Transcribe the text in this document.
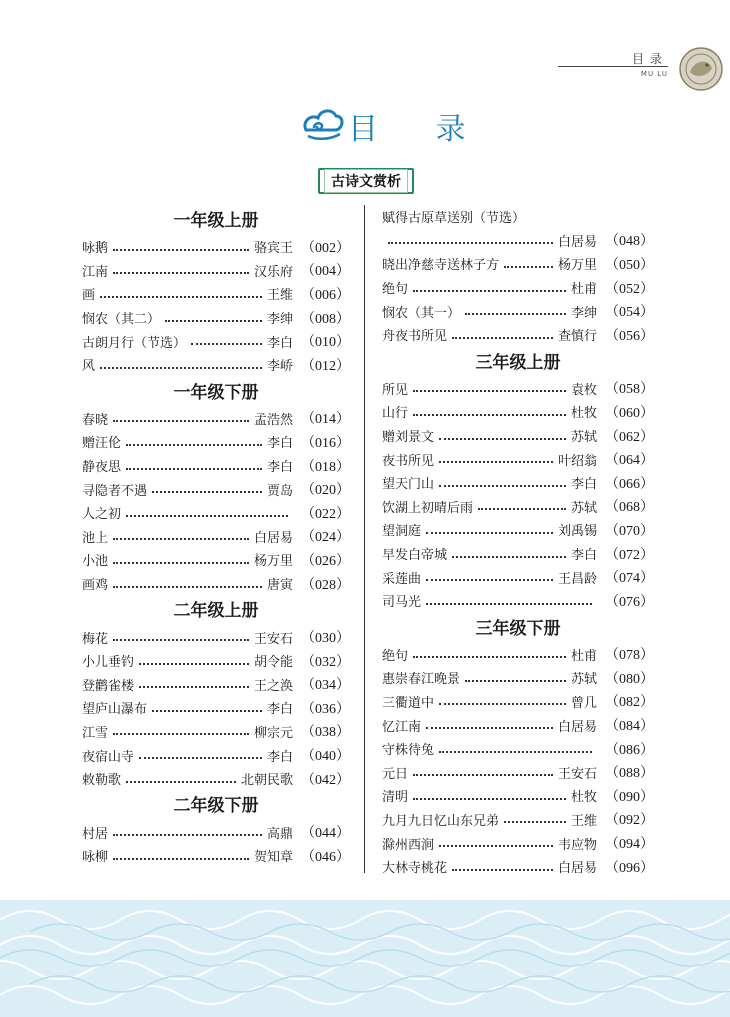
目录
MU LU
目 录
古诗文赏析
一年级上册
咏鹅	骆宾王 （002）
江南	汉乐府 （004）
画	王维 （006）
悯农（其二）	李绅 （008）
古朗月行（节选）	李白 （010）
风	李峤 （012）
一年级下册
春晓	孟浩然 （014）
赠汪伦	李白 （016）
静夜思	李白 （018）
寻隐者不遇	贾岛 （020）
人之初	（022）
池上	白居易 （024）
小池	杨万里 （026）
画鸡	唐寅 （028）
二年级上册
梅花	王安石 （030）
小儿垂钓	胡令能 （032）
登鹳雀楼	王之涣 （034）
望庐山瀑布	李白 （036）
江雪	柳宗元 （038）
夜宿山寺	李白 （040）
敕勒歌	北朝民歌 （042）
二年级下册
村居	高鼎 （044）
咏柳	贺知章 （046）
赋得古原草送别（节选）
白居易 （048）
晓出净慈寺送林子方	杨万里 （050）
绝句	杜甫 （052）
悯农（其一）	李绅 （054）
舟夜书所见	查慎行 （056）
三年级上册
所见	袁枚 （058）
山行	杜牧 （060）
赠刘景文	苏轼 （062）
夜书所见	叶绍翁 （064）
望天门山	李白 （066）
饮湖上初晴后雨	苏轼 （068）
望洞庭	刘禹锡 （070）
早发白帝城	李白 （072）
采莲曲	王昌龄 （074）
司马光	（076）
三年级下册
绝句	杜甫 （078）
惠崇春江晚景	苏轼 （080）
三衢道中	曾几 （082）
忆江南	白居易 （084）
守株待兔	（086）
元日	王安石 （088）
清明	杜牧 （090）
九月九日忆山东兄弟	王维 （092）
滁州西涧	韦应物 （094）
大林寺桃花	白居易 （096）
